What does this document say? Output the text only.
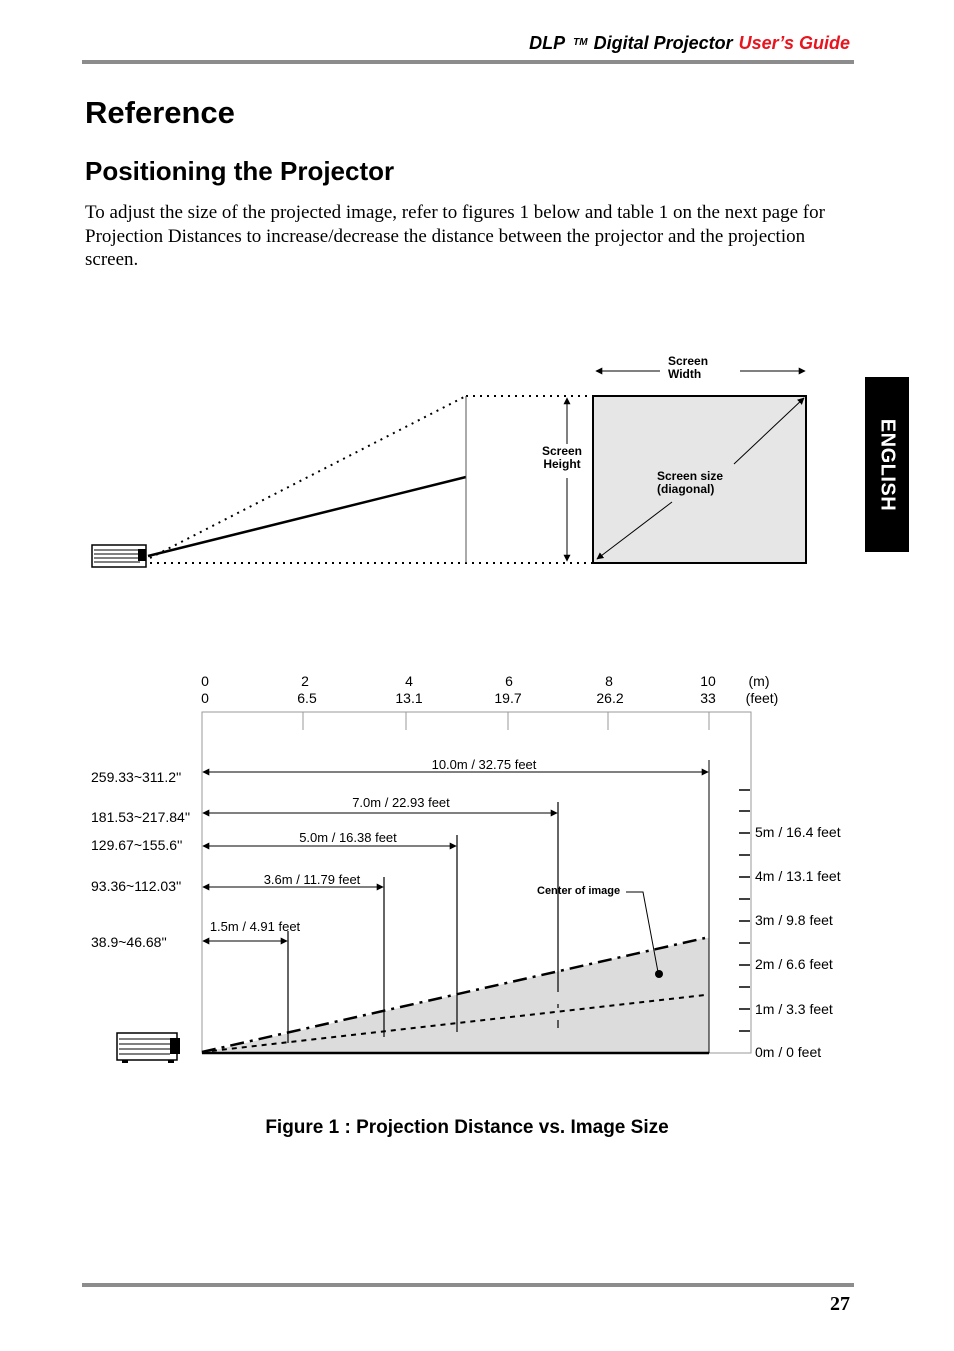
DLP ™ Digital Projector User’s Guide
Reference
Positioning the Projector

To adjust the size of the projected image, refer to figures 1 below and table 1 on the next page for Projection Distances to increase/decrease the distance between the projector and the projection screen.

ENGLISH
Screen
Height
Screen size
(diagonal)
Screen
Width
0	2	4	6	8	10 (m)
0	6.5	13.1	19.7	26.2	33 (feet)
259.33~311.2''
181.53~217.84''
129.67~155.6''
93.36~112.03''
38.9~46.68''
10.0m / 32.75 feet
7.0m / 22.93 feet
5.0m / 16.38 feet
3.6m / 11.79 feet
1.5m / 4.91 feet
Center of image
5m / 16.4 feet
4m / 13.1 feet
3m / 9.8 feet
2m / 6.6 feet
1m / 3.3 feet
0m / 0 feet
Figure 1 : Projection Distance vs. Image Size
27
